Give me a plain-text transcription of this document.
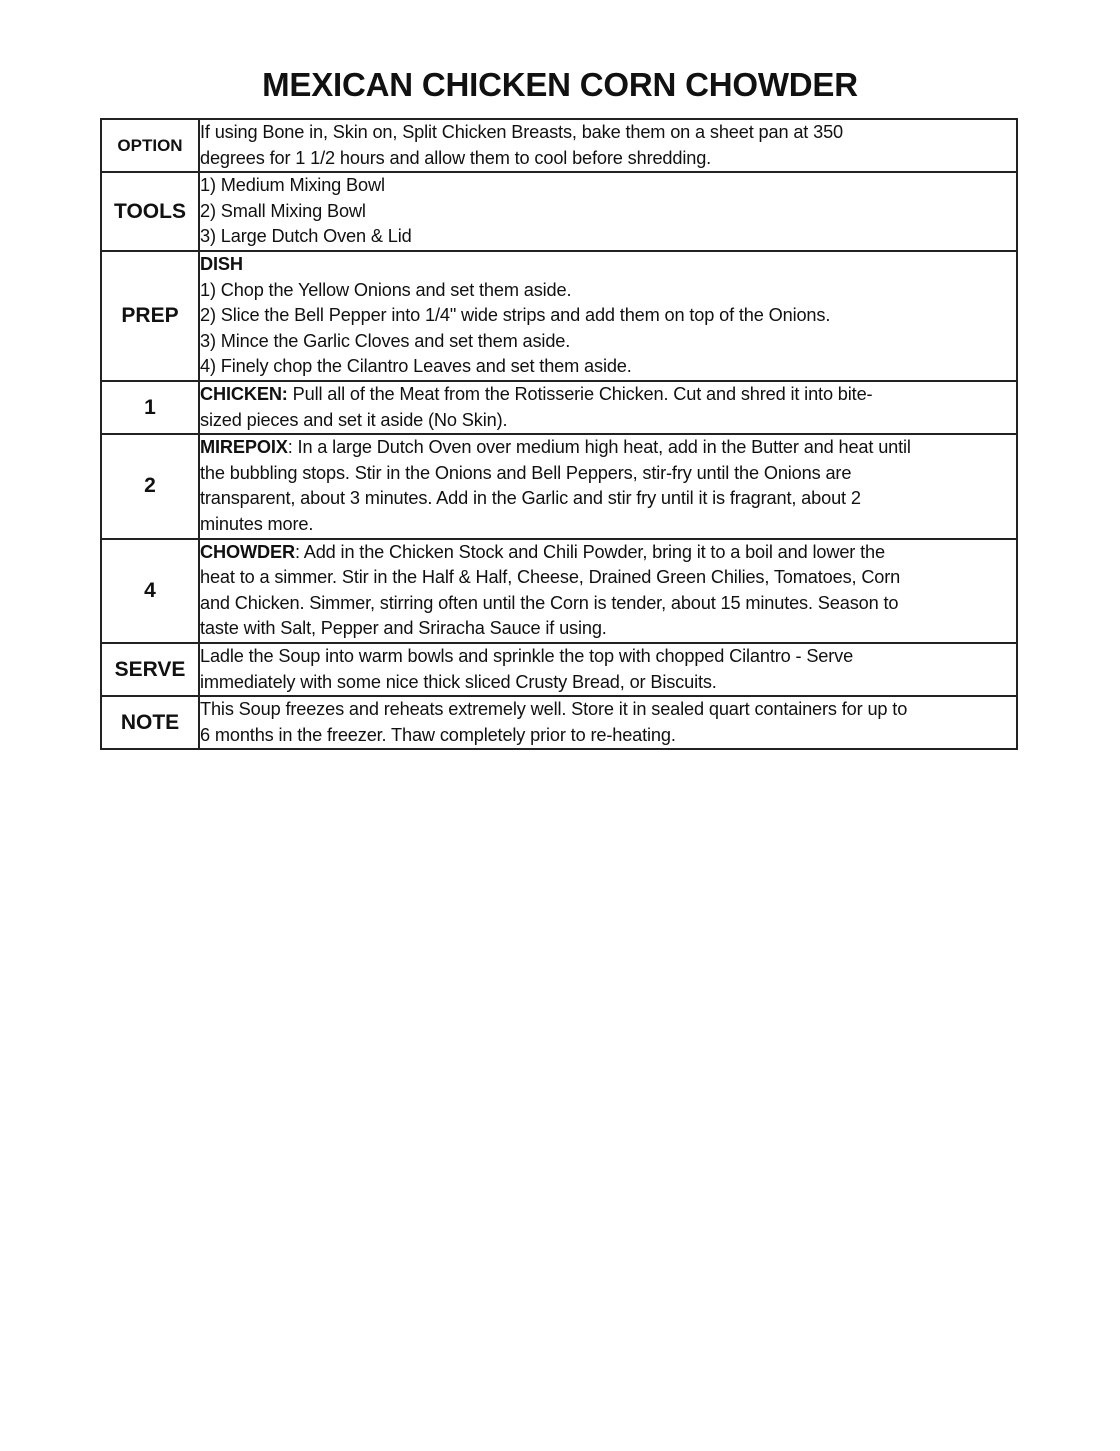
MEXICAN CHICKEN CORN CHOWDER
OPTION	If using Bone in, Skin on, Split Chicken Breasts, bake them on a sheet pan at 350
degrees for 1 1/2 hours and allow them to cool before shredding.

TOOLS	1) Medium Mixing Bowl
2) Small Mixing Bowl
3) Large Dutch Oven & Lid

PREP	DISH
1) Chop the Yellow Onions and set them aside.
2) Slice the Bell Pepper into 1/4" wide strips and add them on top of the Onions.
3) Mince the Garlic Cloves and set them aside.
4) Finely chop the Cilantro Leaves and set them aside.

1	CHICKEN: Pull all of the Meat from the Rotisserie Chicken. Cut and shred it into bite-
sized pieces and set it aside (No Skin).

2	MIREPOIX: In a large Dutch Oven over medium high heat, add in the Butter and heat until
the bubbling stops. Stir in the Onions and Bell Peppers, stir-fry until the Onions are
transparent, about 3 minutes. Add in the Garlic and stir fry until it is fragrant, about 2
minutes more.

4	CHOWDER: Add in the Chicken Stock and Chili Powder, bring it to a boil and lower the
heat to a simmer. Stir in the Half & Half, Cheese, Drained Green Chilies, Tomatoes, Corn
and Chicken. Simmer, stirring often until the Corn is tender, about 15 minutes. Season to
taste with Salt, Pepper and Sriracha Sauce if using.

SERVE	Ladle the Soup into warm bowls and sprinkle the top with chopped Cilantro - Serve
immediately with some nice thick sliced Crusty Bread, or Biscuits.

NOTE	This Soup freezes and reheats extremely well. Store it in sealed quart containers for up to
6 months in the freezer. Thaw completely prior to re-heating.
